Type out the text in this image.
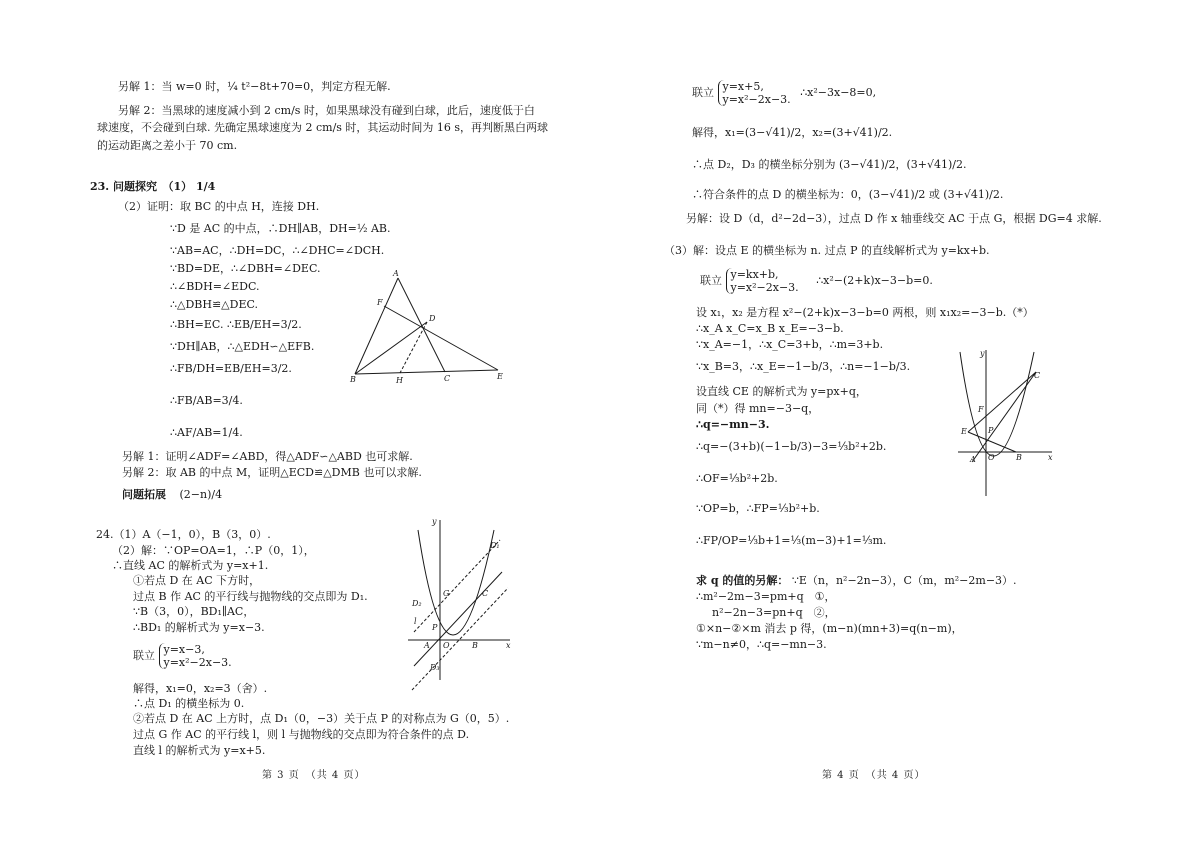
另解 1：当 w=0 时，¼ t²−8t+70=0，判定方程无解.
另解 2：当黑球的速度减小到 2 cm/s 时，如果黑球没有碰到白球，此后，速度低于白
球速度，不会碰到白球. 先确定黑球速度为 2 cm/s 时，其运动时间为 16 s，再判断黑白两球
的运动距离之差小于 70 cm.
23. 问题探究　（1） 1/4
（2）证明：取 BC 的中点 H，连接 DH.
∵D 是 AC 的中点，∴DH∥AB，DH=½ AB.
∵AB=AC，∴DH=DC，∴∠DHC=∠DCH.
∵BD=DE，∴∠DBH=∠DEC.
∴∠BDH=∠EDC.
∴△DBH≌△DEC.
∴BH=EC. ∴EB/EH=3/2.
∵DH∥AB，∴△EDH∽△EFB.
∴FB/DH=EB/EH=3/2.
∴FB/AB=3/4.
∴AF/AB=1/4.
另解 1：证明∠ADF=∠ABD，得△ADF∽△ABD 也可求解.
另解 2：取 AB 的中点 M，证明△ECD≌△DMB 也可以求解.
问题拓展 (2−n)/4
A
F
D
B	H	C	E
24.（1）A（−1，0），B（3，0）.
（2）解：∵OP=OA=1，∴P（0，1），
∴直线 AC 的解析式为 y=x+1.
①若点 D 在 AC 下方时，
过点 B 作 AC 的平行线与抛物线的交点即为 D₁.
∵B（3，0），BD₁∥AC，
∴BD₁ 的解析式为 y=x−3.
联立 y=x−3,
y=x²−2x−3.
解得，x₁=0，x₂=3（舍）.
∴点 D₁ 的横坐标为 0.
②若点 D 在 AC 上方时，点 D₁（0，−3）关于点 P 的对称点为 G（0，5）.
过点 G 作 AC 的平行线 l，则 l 与抛物线的交点即为符合条件的点 D.
直线 l 的解析式为 y=x+5.
y
D₁
G	C
D₂
l
P
A O	B	x
D₃
第 3 页　（共 4 页）
联立 y=x+5,
y=x²−2x−3.
∴x²−3x−8=0,
解得，x₁=(3−√41)/2，x₂=(3+√41)/2.
∴点 D₂，D₃ 的横坐标分别为 (3−√41)/2，(3+√41)/2.
∴符合条件的点 D 的横坐标为：0，(3−√41)/2 或 (3+√41)/2.
另解：设 D（d，d²−2d−3），过点 D 作 x 轴垂线交 AC 于点 G，根据 DG=4 求解.
（3）解：设点 E 的横坐标为 n. 过点 P 的直线解析式为 y=kx+b.
联立 y=kx+b,
y=x²−2x−3.
∴x²−(2+k)x−3−b=0.
设 x₁，x₂ 是方程 x²−(2+k)x−3−b=0 两根，则 x₁x₂=−3−b.（*）
∴x_A x_C=x_B x_E=−3−b.
∵x_A=−1，∴x_C=3+b，∴m=3+b.
∵x_B=3，∴x_E=−1−b/3，∴n=−1−b/3.
设直线 CE 的解析式为 y=px+q，
同（*）得 mn=−3−q，
∴q=−mn−3.
∴q=−(3+b)(−1−b/3)−3=⅓b²+2b.
∴OF=⅓b²+2b.
∵OP=b，∴FP=⅓b²+b.
∴FP/OP=⅓b+1=⅓(m−3)+1=⅓m.
y
C
F
E	P
A O	B	x
求 q 的值的另解： ∵E（n，n²−2n−3），C（m，m²−2m−3）.
∴m²−2m−3=pm+q　①，
n²−2n−3=pn+q　②，
①×n−②×m 消去 p 得，(m−n)(mn+3)=q(n−m)，
∵m−n≠0，∴q=−mn−3.
第 4 页　（共 4 页）
